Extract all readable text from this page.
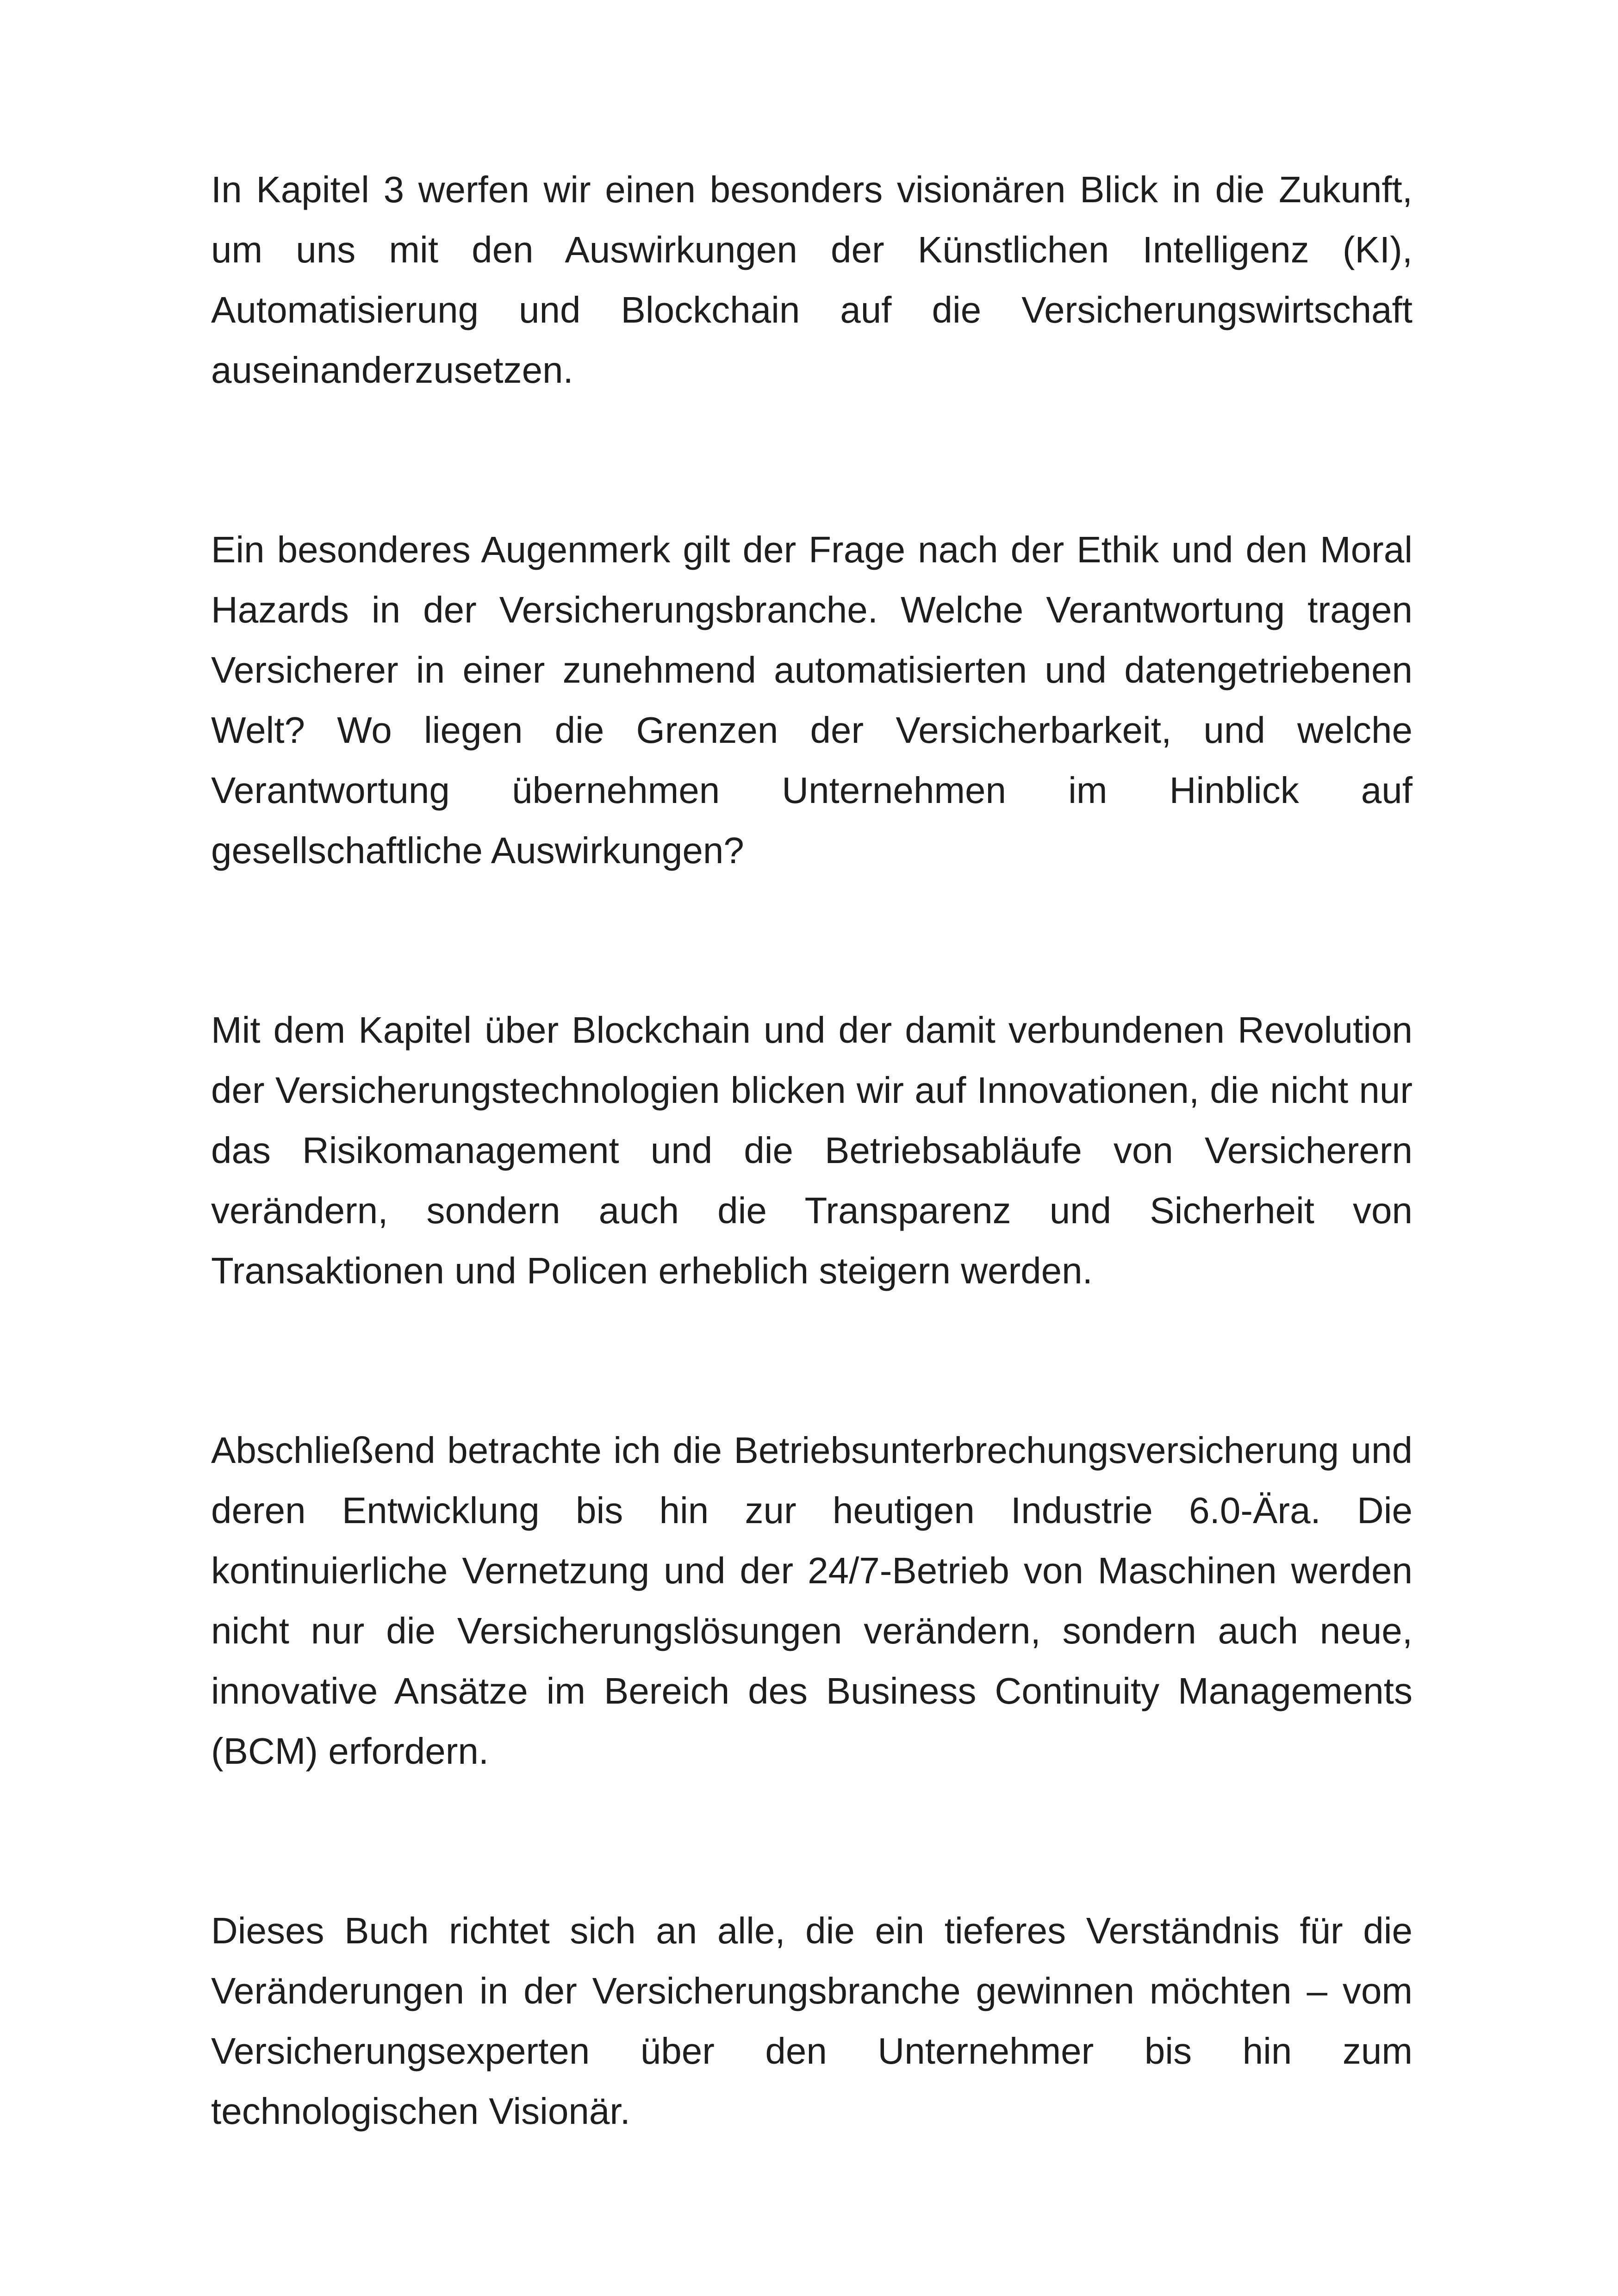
In Kapitel 3 werfen wir einen besonders visionären Blick in die Zukunft, um uns mit den Auswirkungen der Künstlichen Intelligenz (KI), Automatisierung und Blockchain auf die Versicherungswirtschaft auseinanderzusetzen.

Ein besonderes Augenmerk gilt der Frage nach der Ethik und den Moral Hazards in der Versicherungsbranche. Welche Verantwortung tragen Versicherer in einer zunehmend automatisierten und datengetriebenen Welt? Wo liegen die Grenzen der Versicherbarkeit, und welche Verantwortung übernehmen Unternehmen im Hinblick auf gesellschaftliche Auswirkungen?

Mit dem Kapitel über Blockchain und der damit verbundenen Revolution der Versicherungstechnologien blicken wir auf Innovationen, die nicht nur das Risikomanagement und die Betriebsabläufe von Versicherern verändern, sondern auch die Transparenz und Sicherheit von Transaktionen und Policen erheblich steigern werden.

Abschließend betrachte ich die Betriebsunterbrechungsversicherung und deren Entwicklung bis hin zur heutigen Industrie 6.0-Ära. Die kontinuierliche Vernetzung und der 24/7-Betrieb von Maschinen werden nicht nur die Versicherungslösungen verändern, sondern auch neue, innovative Ansätze im Bereich des Business Continuity Managements (BCM) erfordern.

Dieses Buch richtet sich an alle, die ein tieferes Verständnis für die Veränderungen in der Versicherungsbranche gewinnen möchten – vom Versicherungsexperten über den Unternehmer bis hin zum technologischen Visionär.
